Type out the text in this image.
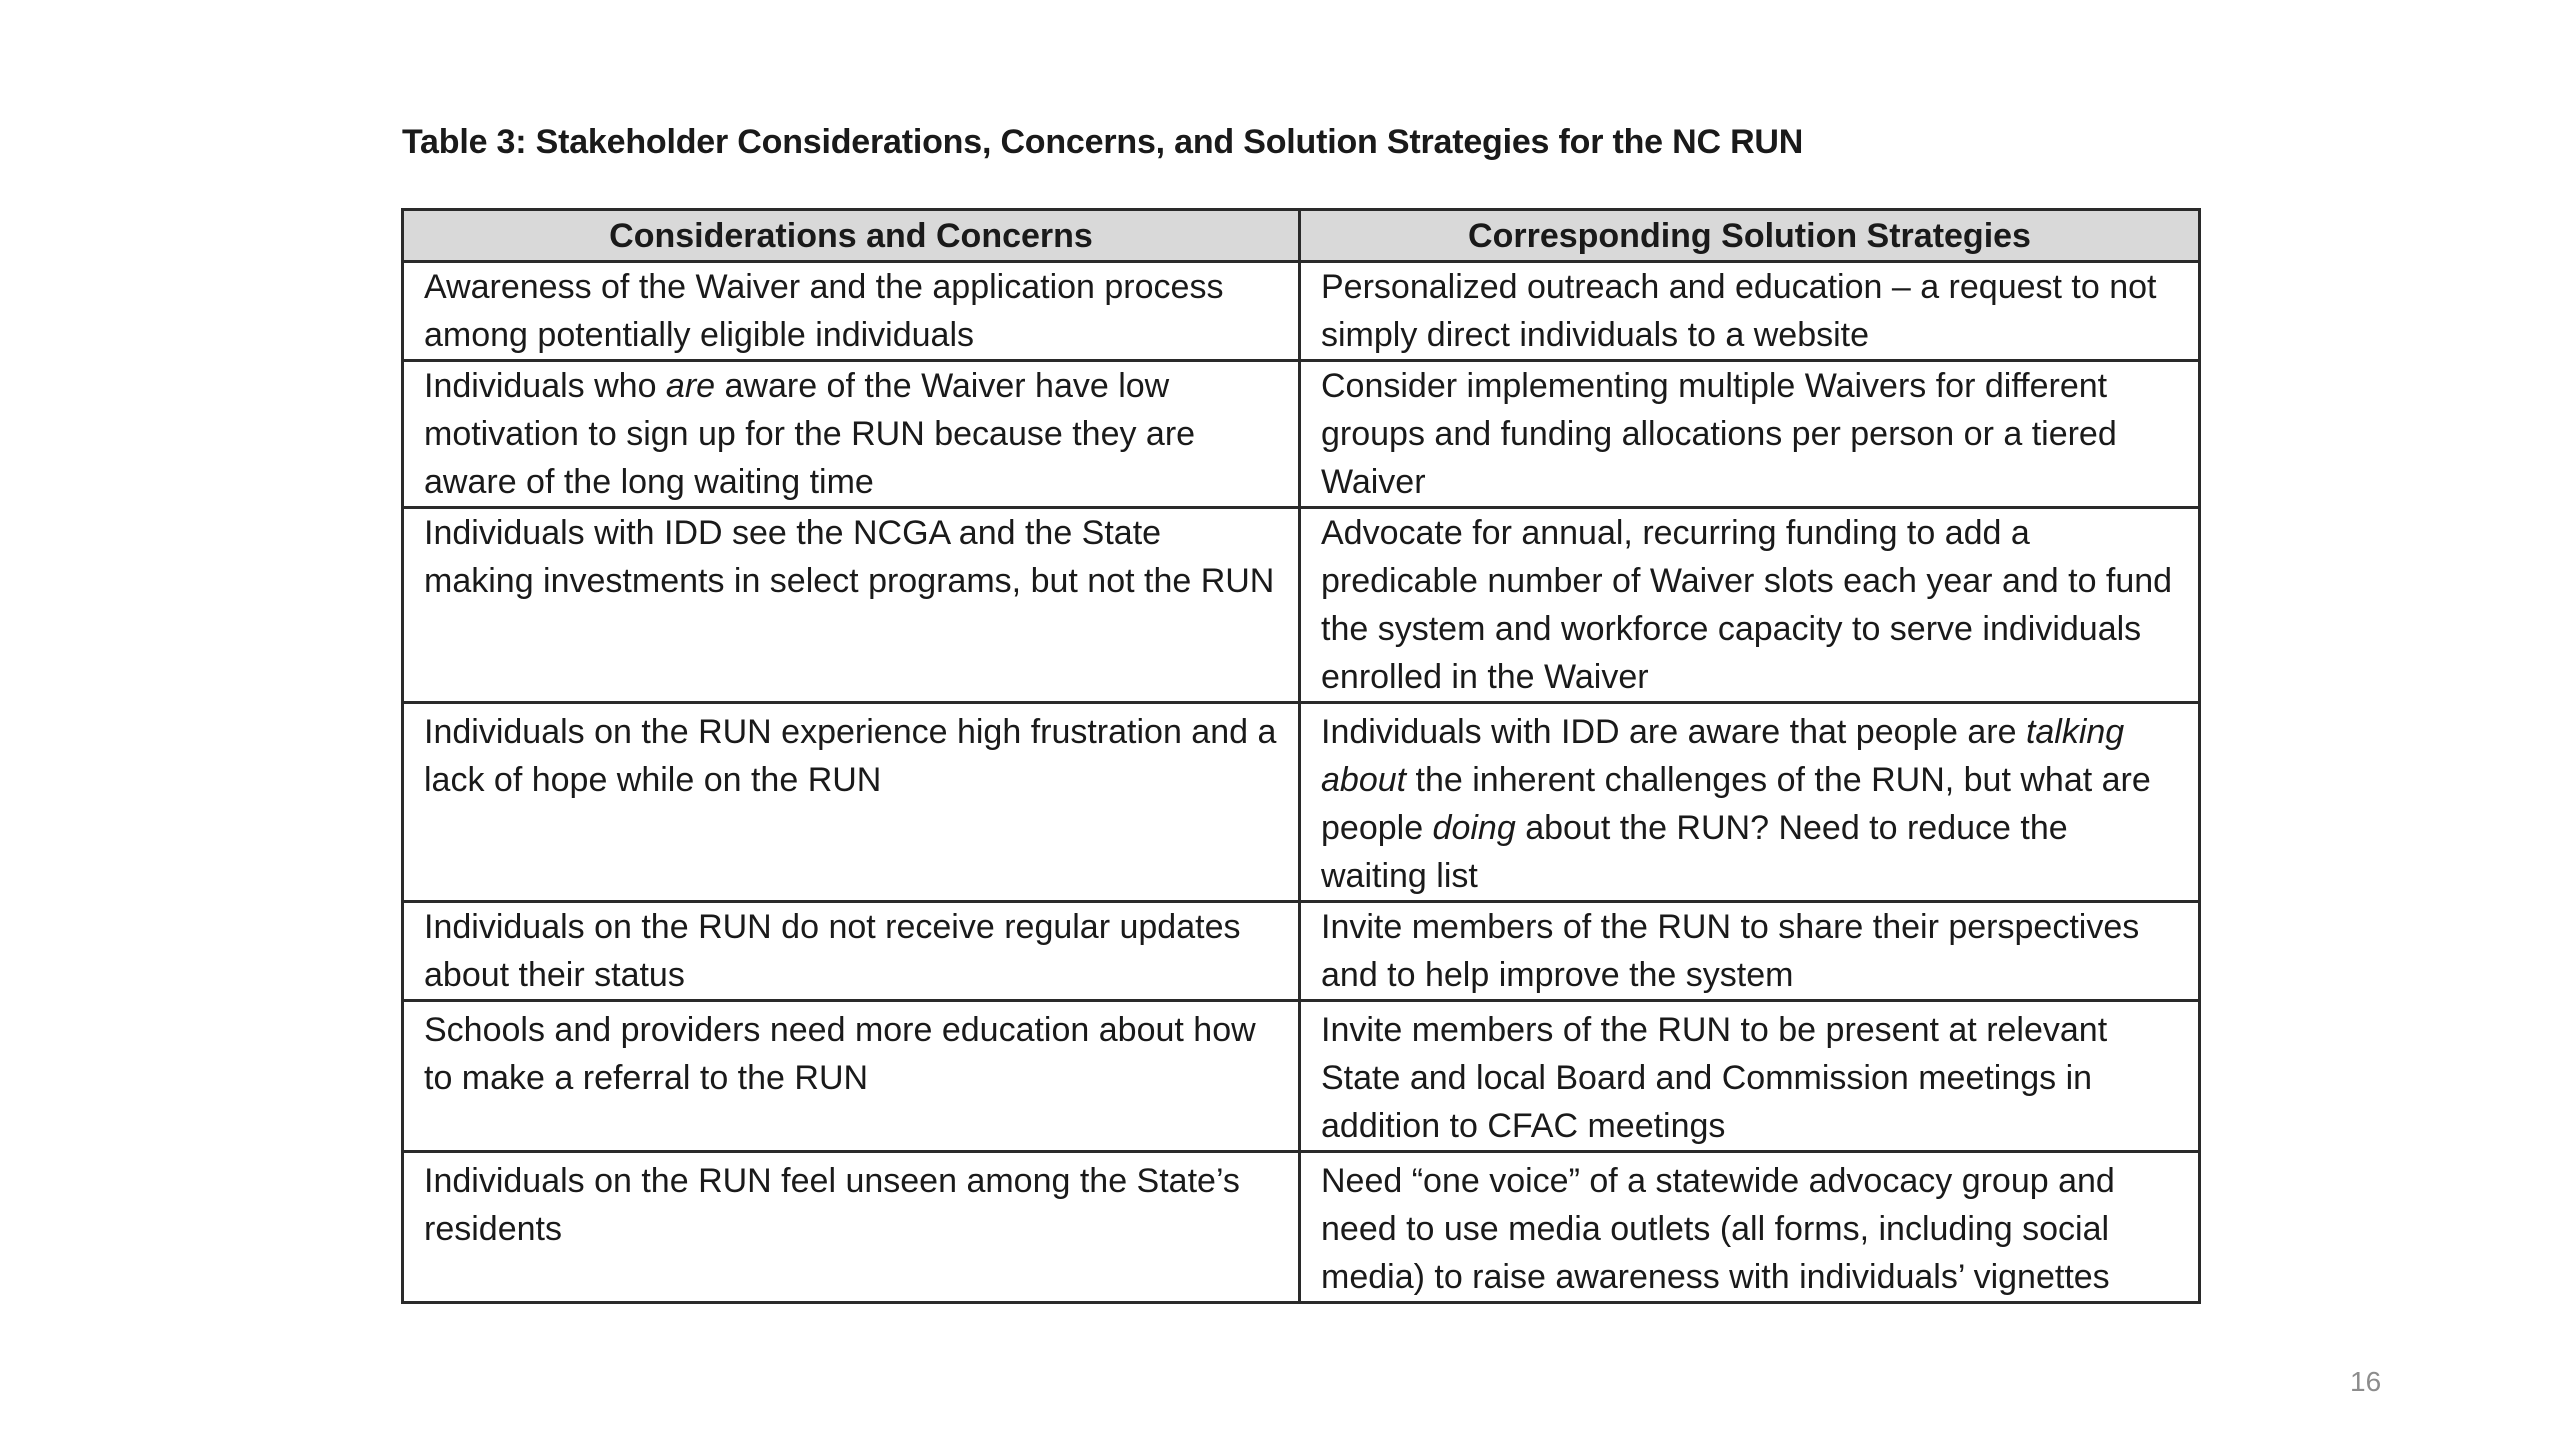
Table 3: Stakeholder Considerations, Concerns, and Solution Strategies for the NC RUN
Considerations and Concerns	Corresponding Solution Strategies
Awareness of the Waiver and the application process among potentially eligible individuals	Personalized outreach and education – a request to not simply direct individuals to a website
Individuals who are aware of the Waiver have low motivation to sign up for the RUN because they are aware of the long waiting time	Consider implementing multiple Waivers for different groups and funding allocations per person or a tiered Waiver
Individuals with IDD see the NCGA and the State making investments in select programs, but not the RUN	Advocate for annual, recurring funding to add a predicable number of Waiver slots each year and to fund the system and workforce capacity to serve individuals enrolled in the Waiver
Individuals on the RUN experience high frustration and a lack of hope while on the RUN	Individuals with IDD are aware that people are talking about the inherent challenges of the RUN, but what are people doing about the RUN? Need to reduce the waiting list
Individuals on the RUN do not receive regular updates about their status	Invite members of the RUN to share their perspectives and to help improve the system
Schools and providers need more education about how to make a referral to the RUN	Invite members of the RUN to be present at relevant State and local Board and Commission meetings in addition to CFAC meetings
Individuals on the RUN feel unseen among the State’s residents	Need “one voice” of a statewide advocacy group and need to use media outlets (all forms, including social media) to raise awareness with individuals’ vignettes
16
